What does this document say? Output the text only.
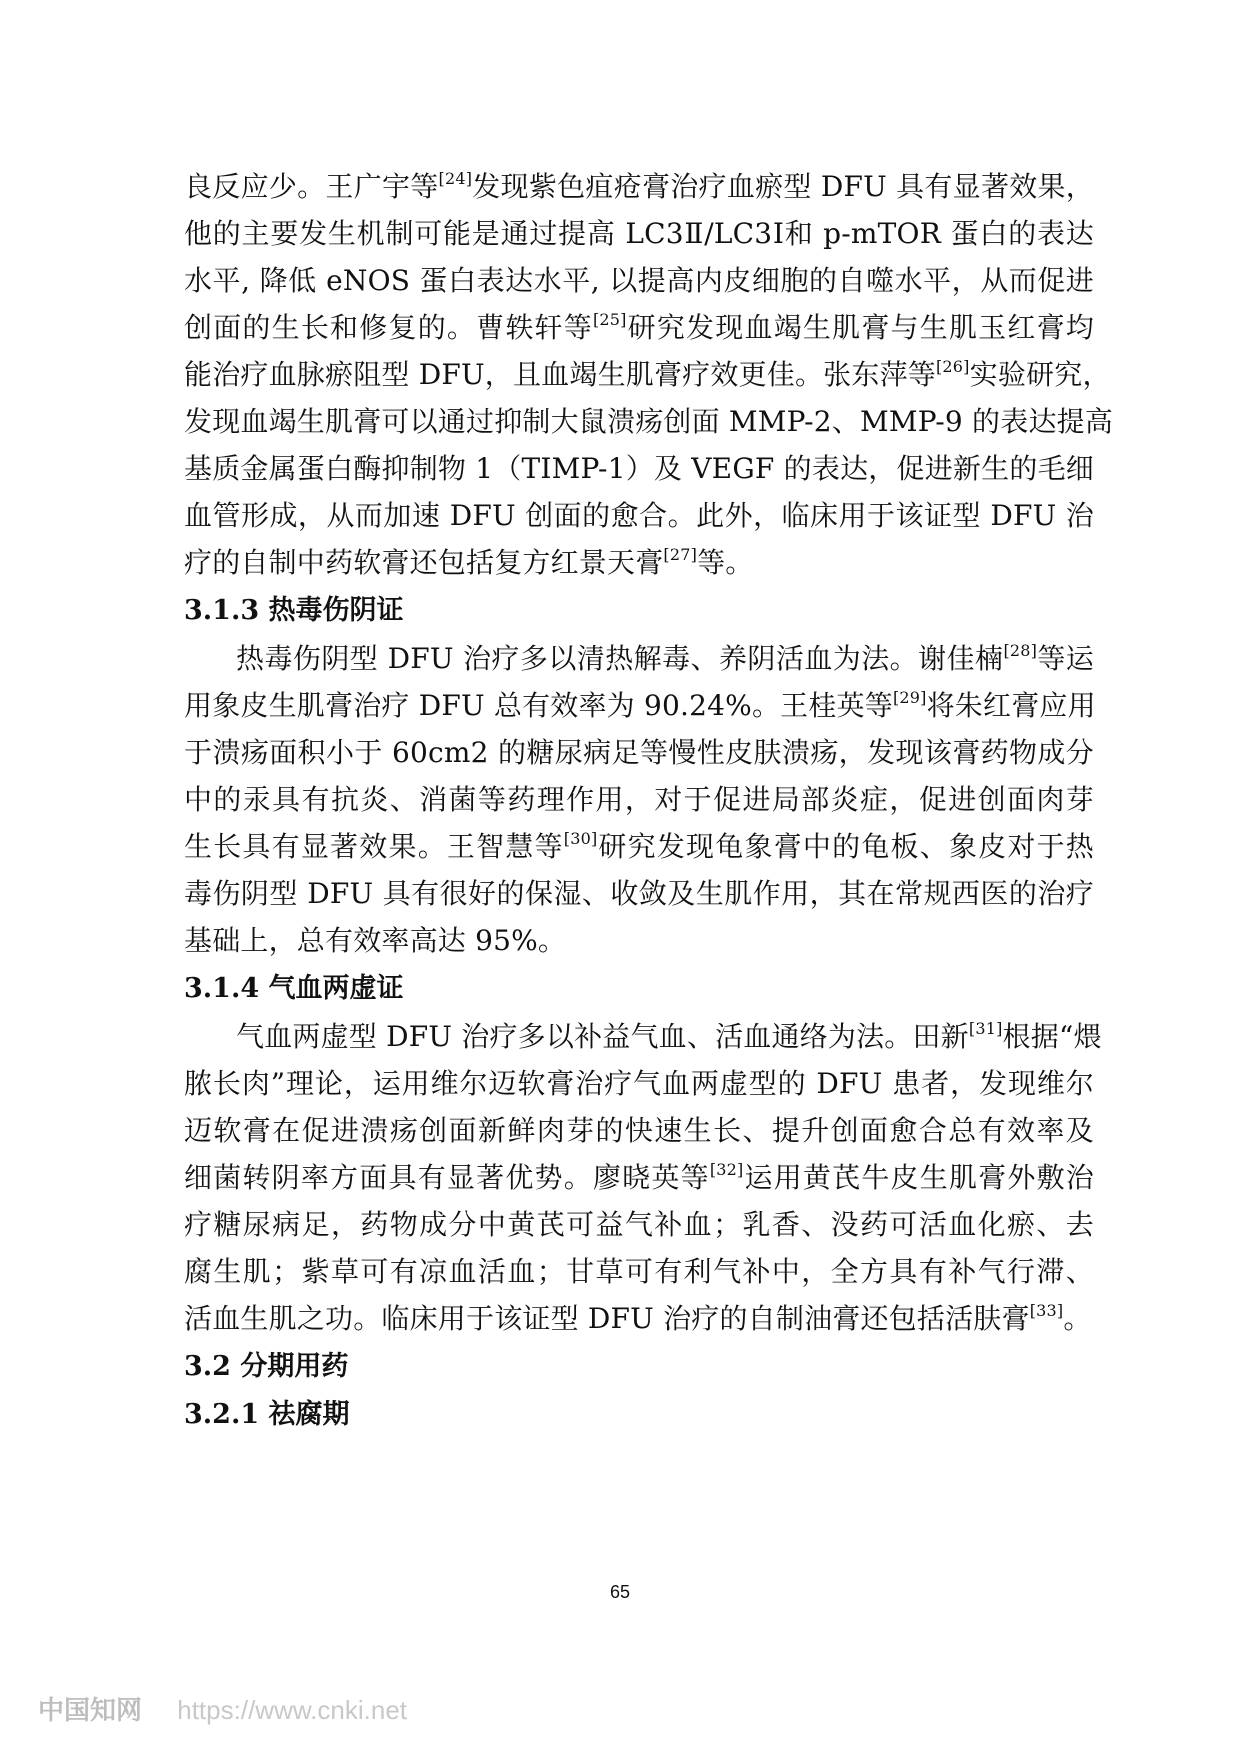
良反应少。王广宇等[24]发现紫色疽疮膏治疗血瘀型 DFU 具有显著效果，
他的主要发生机制可能是通过提高 LC3Ⅱ/LC3Ⅰ和 p-mTOR 蛋白的表达
水平, 降低 eNOS 蛋白表达水平, 以提高内皮细胞的自噬水平，从而促进
创面的生长和修复的。曹轶轩等[25]研究发现血竭生肌膏与生肌玉红膏均
能治疗血脉瘀阻型 DFU，且血竭生肌膏疗效更佳。张东萍等[26]实验研究，
发现血竭生肌膏可以通过抑制大鼠溃疡创面 MMP-2、MMP-9 的表达提高
基质金属蛋白酶抑制物 1（TIMP-1）及 VEGF 的表达，促进新生的毛细
血管形成，从而加速 DFU 创面的愈合。此外，临床用于该证型 DFU 治
疗的自制中药软膏还包括复方红景天膏[27]等。
3.1.3 热毒伤阴证
热毒伤阴型 DFU 治疗多以清热解毒、养阴活血为法。谢佳楠[28]等运
用象皮生肌膏治疗 DFU 总有效率为 90.24%。王桂英等[29]将朱红膏应用
于溃疡面积小于 60cm2 的糖尿病足等慢性皮肤溃疡，发现该膏药物成分
中的汞具有抗炎、消菌等药理作用，对于促进局部炎症，促进创面肉芽
生长具有显著效果。王智慧等[30]研究发现龟象膏中的龟板、象皮对于热
毒伤阴型 DFU 具有很好的保湿、收敛及生肌作用，其在常规西医的治疗
基础上，总有效率高达 95%。
3.1.4 气血两虚证
气血两虚型 DFU 治疗多以补益气血、活血通络为法。田新[31]根据“煨
脓长肉”理论，运用维尔迈软膏治疗气血两虚型的 DFU 患者，发现维尔
迈软膏在促进溃疡创面新鲜肉芽的快速生长、提升创面愈合总有效率及
细菌转阴率方面具有显著优势。廖晓英等[32]运用黄芪牛皮生肌膏外敷治
疗糖尿病足，药物成分中黄芪可益气补血；乳香、没药可活血化瘀、去
腐生肌；紫草可有凉血活血；甘草可有利气补中，全方具有补气行滞、
活血生肌之功。临床用于该证型 DFU 治疗的自制油膏还包括活肤膏[33]。
3.2 分期用药
3.2.1 祛腐期
65
中国知网 https://www.cnki.net
